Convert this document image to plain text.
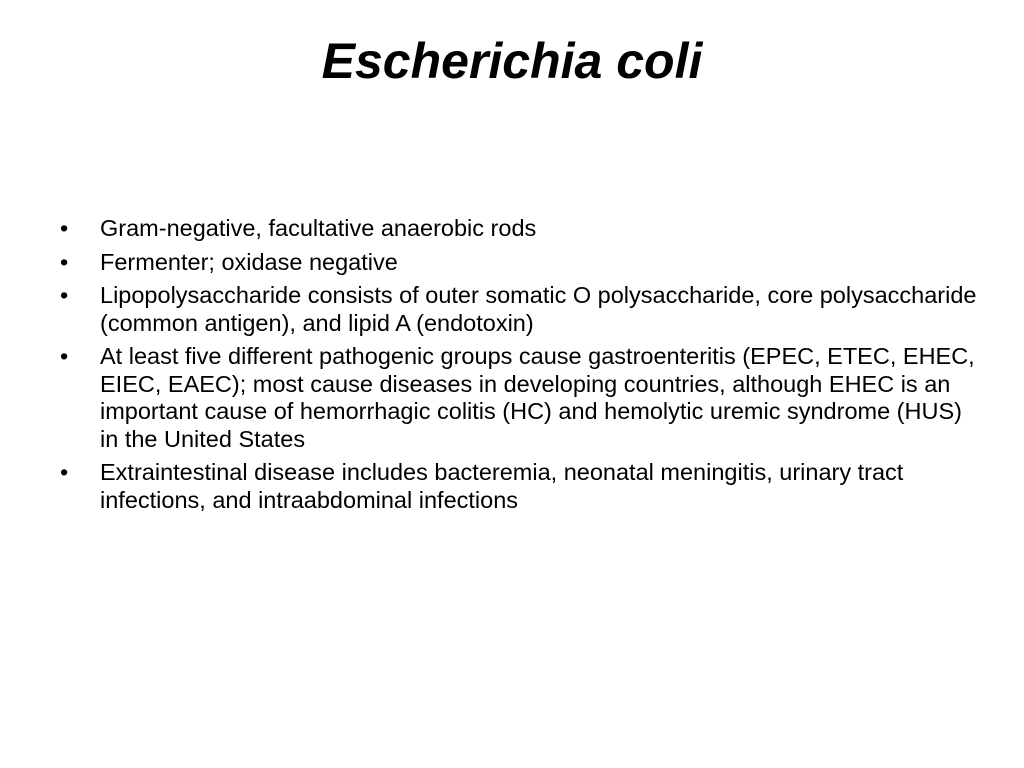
Escherichia coli
•	Gram-negative, facultative anaerobic rods
•	Fermenter; oxidase negative
•	Lipopolysaccharide consists of outer somatic O polysaccharide, core polysaccharide (common antigen), and lipid A (endotoxin)
•	At least five different pathogenic groups cause gastroenteritis (EPEC, ETEC, EHEC, EIEC, EAEC); most cause diseases in developing countries, although EHEC is an important cause of hemorrhagic colitis (HC) and hemolytic uremic syndrome (HUS) in the United States
•	Extraintestinal disease includes bacteremia, neonatal meningitis, urinary tract infections, and intraabdominal infections
